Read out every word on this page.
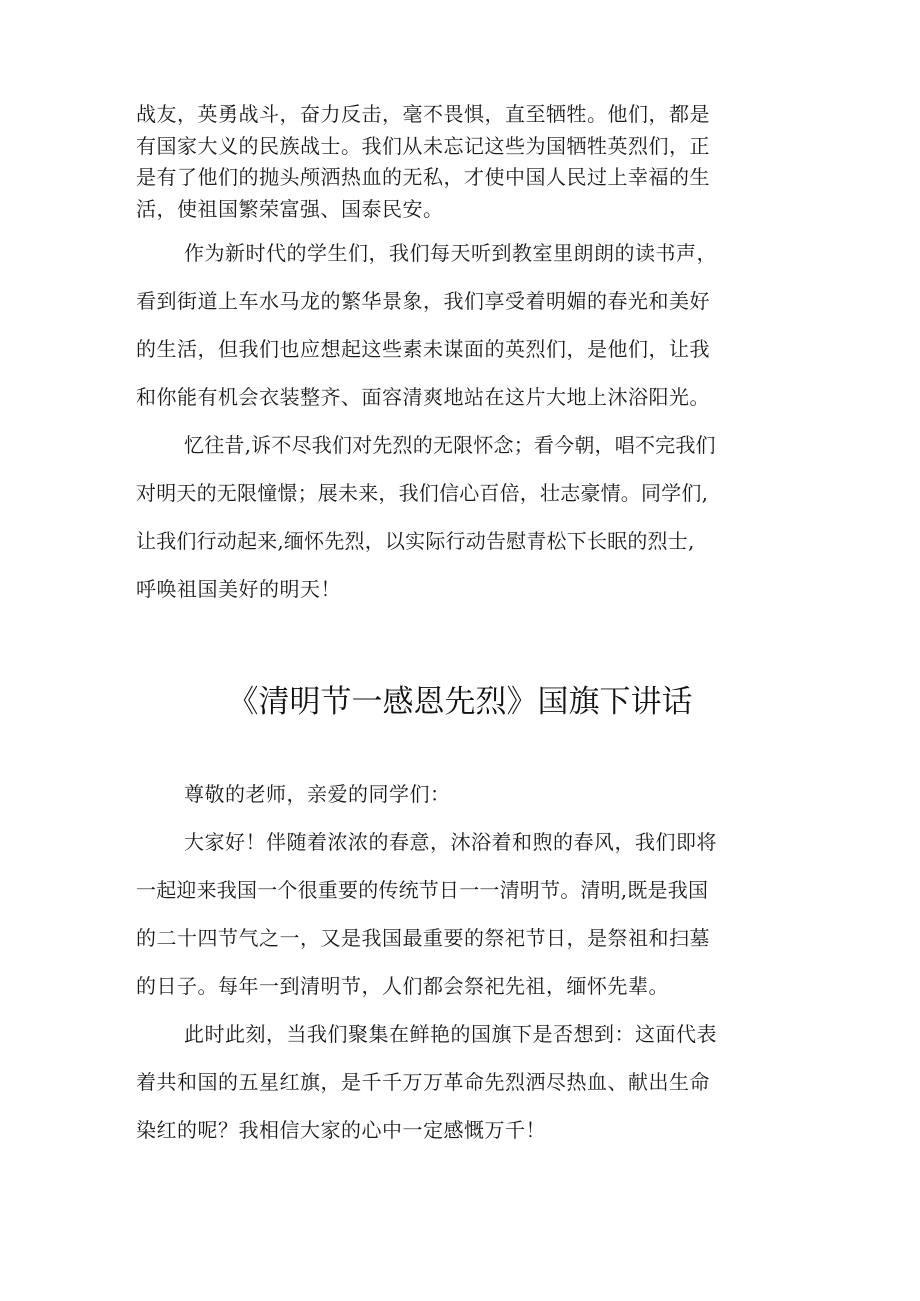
战友，英勇战斗，奋力反击，毫不畏惧，直至牺牲。他们，都是
有国家大义的民族战士。我们从未忘记这些为国牺牲英烈们，正
是有了他们的抛头颅洒热血的无私，才使中国人民过上幸福的生
活，使祖国繁荣富强、国泰民安。
作为新时代的学生们，我们每天听到教室里朗朗的读书声，
看到街道上车水马龙的繁华景象，我们享受着明媚的春光和美好
的生活，但我们也应想起这些素未谋面的英烈们，是他们，让我
和你能有机会衣装整齐、面容清爽地站在这片大地上沐浴阳光。
忆往昔,诉不尽我们对先烈的无限怀念；看今朝，唱不完我们
对明天的无限憧憬；展未来，我们信心百倍，壮志豪情。同学们,
让我们行动起来,缅怀先烈，以实际行动告慰青松下长眠的烈士,
呼唤祖国美好的明天！
《清明节一感恩先烈》国旗下讲话
尊敬的老师，亲爱的同学们：
大家好！伴随着浓浓的春意，沐浴着和煦的春风，我们即将
一起迎来我国一个很重要的传统节日一一清明节。清明,既是我国
的二十四节气之一，又是我国最重要的祭祀节日，是祭祖和扫墓
的日子。每年一到清明节，人们都会祭祀先祖，缅怀先辈。
此时此刻，当我们聚集在鲜艳的国旗下是否想到：这面代表
着共和国的五星红旗，是千千万万革命先烈洒尽热血、献出生命
染红的呢？我相信大家的心中一定感慨万千！
